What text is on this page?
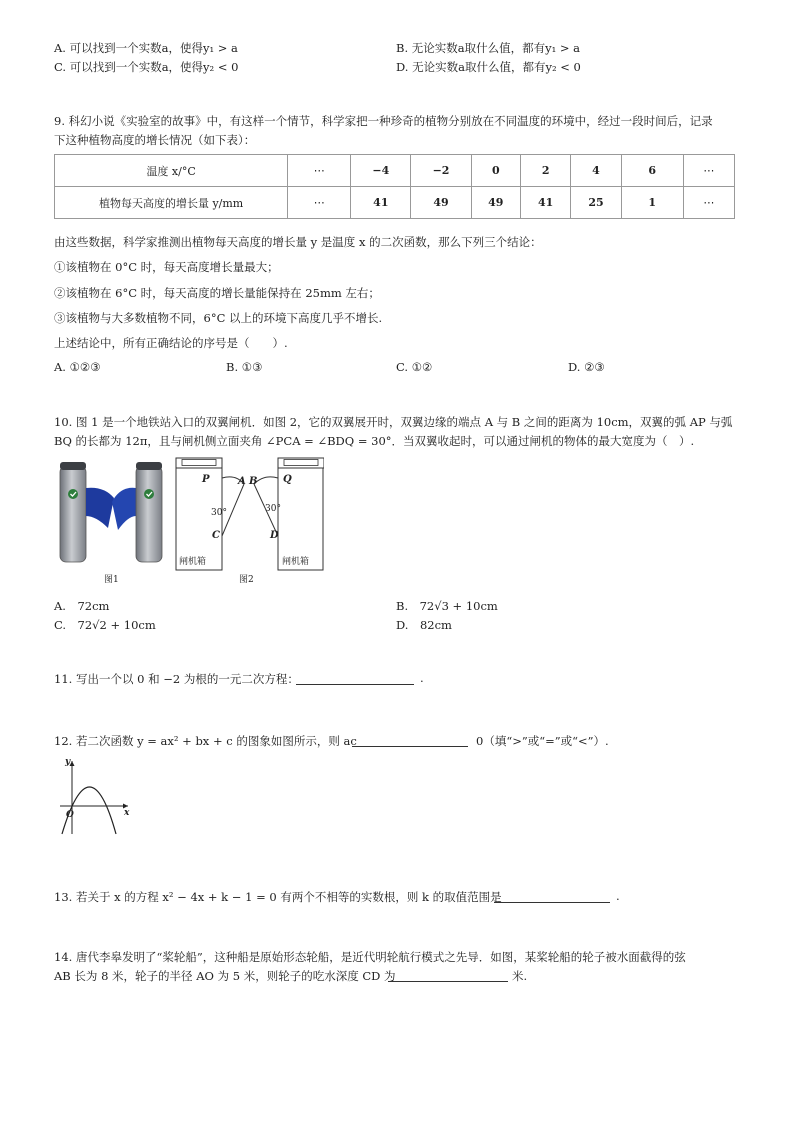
A. 可以找到一个实数a，使得y₁ > a	B. 无论实数a取什么值，都有y₁ > a
C. 可以找到一个实数a，使得y₂ < 0	D. 无论实数a取什么值，都有y₂ < 0
9. 科幻小说《实验室的故事》中，有这样一个情节，科学家把一种珍奇的植物分别放在不同温度的环境中，经过一段时间后，记录
下这种植物高度的增长情况（如下表）：
温度 x/°C	⋯	−4	−2	0	2	4	6	⋯
植物每天高度的增长量 y/mm	⋯	41	49	49	41	25	1	⋯
由这些数据，科学家推测出植物每天高度的增长量 y 是温度 x 的二次函数，那么下列三个结论：
①该植物在 0°C 时，每天高度增长量最大；
②该植物在 6°C 时，每天高度的增长量能保持在 25mm 左右；
③该植物与大多数植物不同，6°C 以上的环境下高度几乎不增长.
上述结论中，所有正确结论的序号是（　　）.
A. ①②③	B. ①③	C. ①②	D. ②③
10. 图 1 是一个地铁站入口的双翼闸机．如图 2，它的双翼展开时，双翼边缘的端点 A 与 B 之间的距离为 10cm，双翼的弧 AP 与弧
BQ 的长都为 12π，且与闸机侧立面夹角 ∠PCA = ∠BDQ = 30°．当双翼收起时，可以通过闸机的物体的最大宽度为（　）.
图1
P	A B	Q
30°	30°
C	D
闸机箱	闸机箱
图2
A.　72cm	B.　72√3 + 10cm
C.　72√2 + 10cm	D.　82cm
11. 写出一个以 0 和 −2 为根的一元二次方程：	.
12. 若二次函数 y = ax² + bx + c 的图象如图所示，则 ac	0（填“>”或“=”或“<”）.
y
x
O
13. 若关于 x 的方程 x² − 4x + k − 1 = 0 有两个不相等的实数根，则 k 的取值范围是	.
14. 唐代李皋发明了“桨轮船”，这种船是原始形态轮船，是近代明轮航行模式之先导．如图，某桨轮船的轮子被水面截得的弦
AB 长为 8 米，轮子的半径 AO 为 5 米，则轮子的吃水深度 CD 为	米.
